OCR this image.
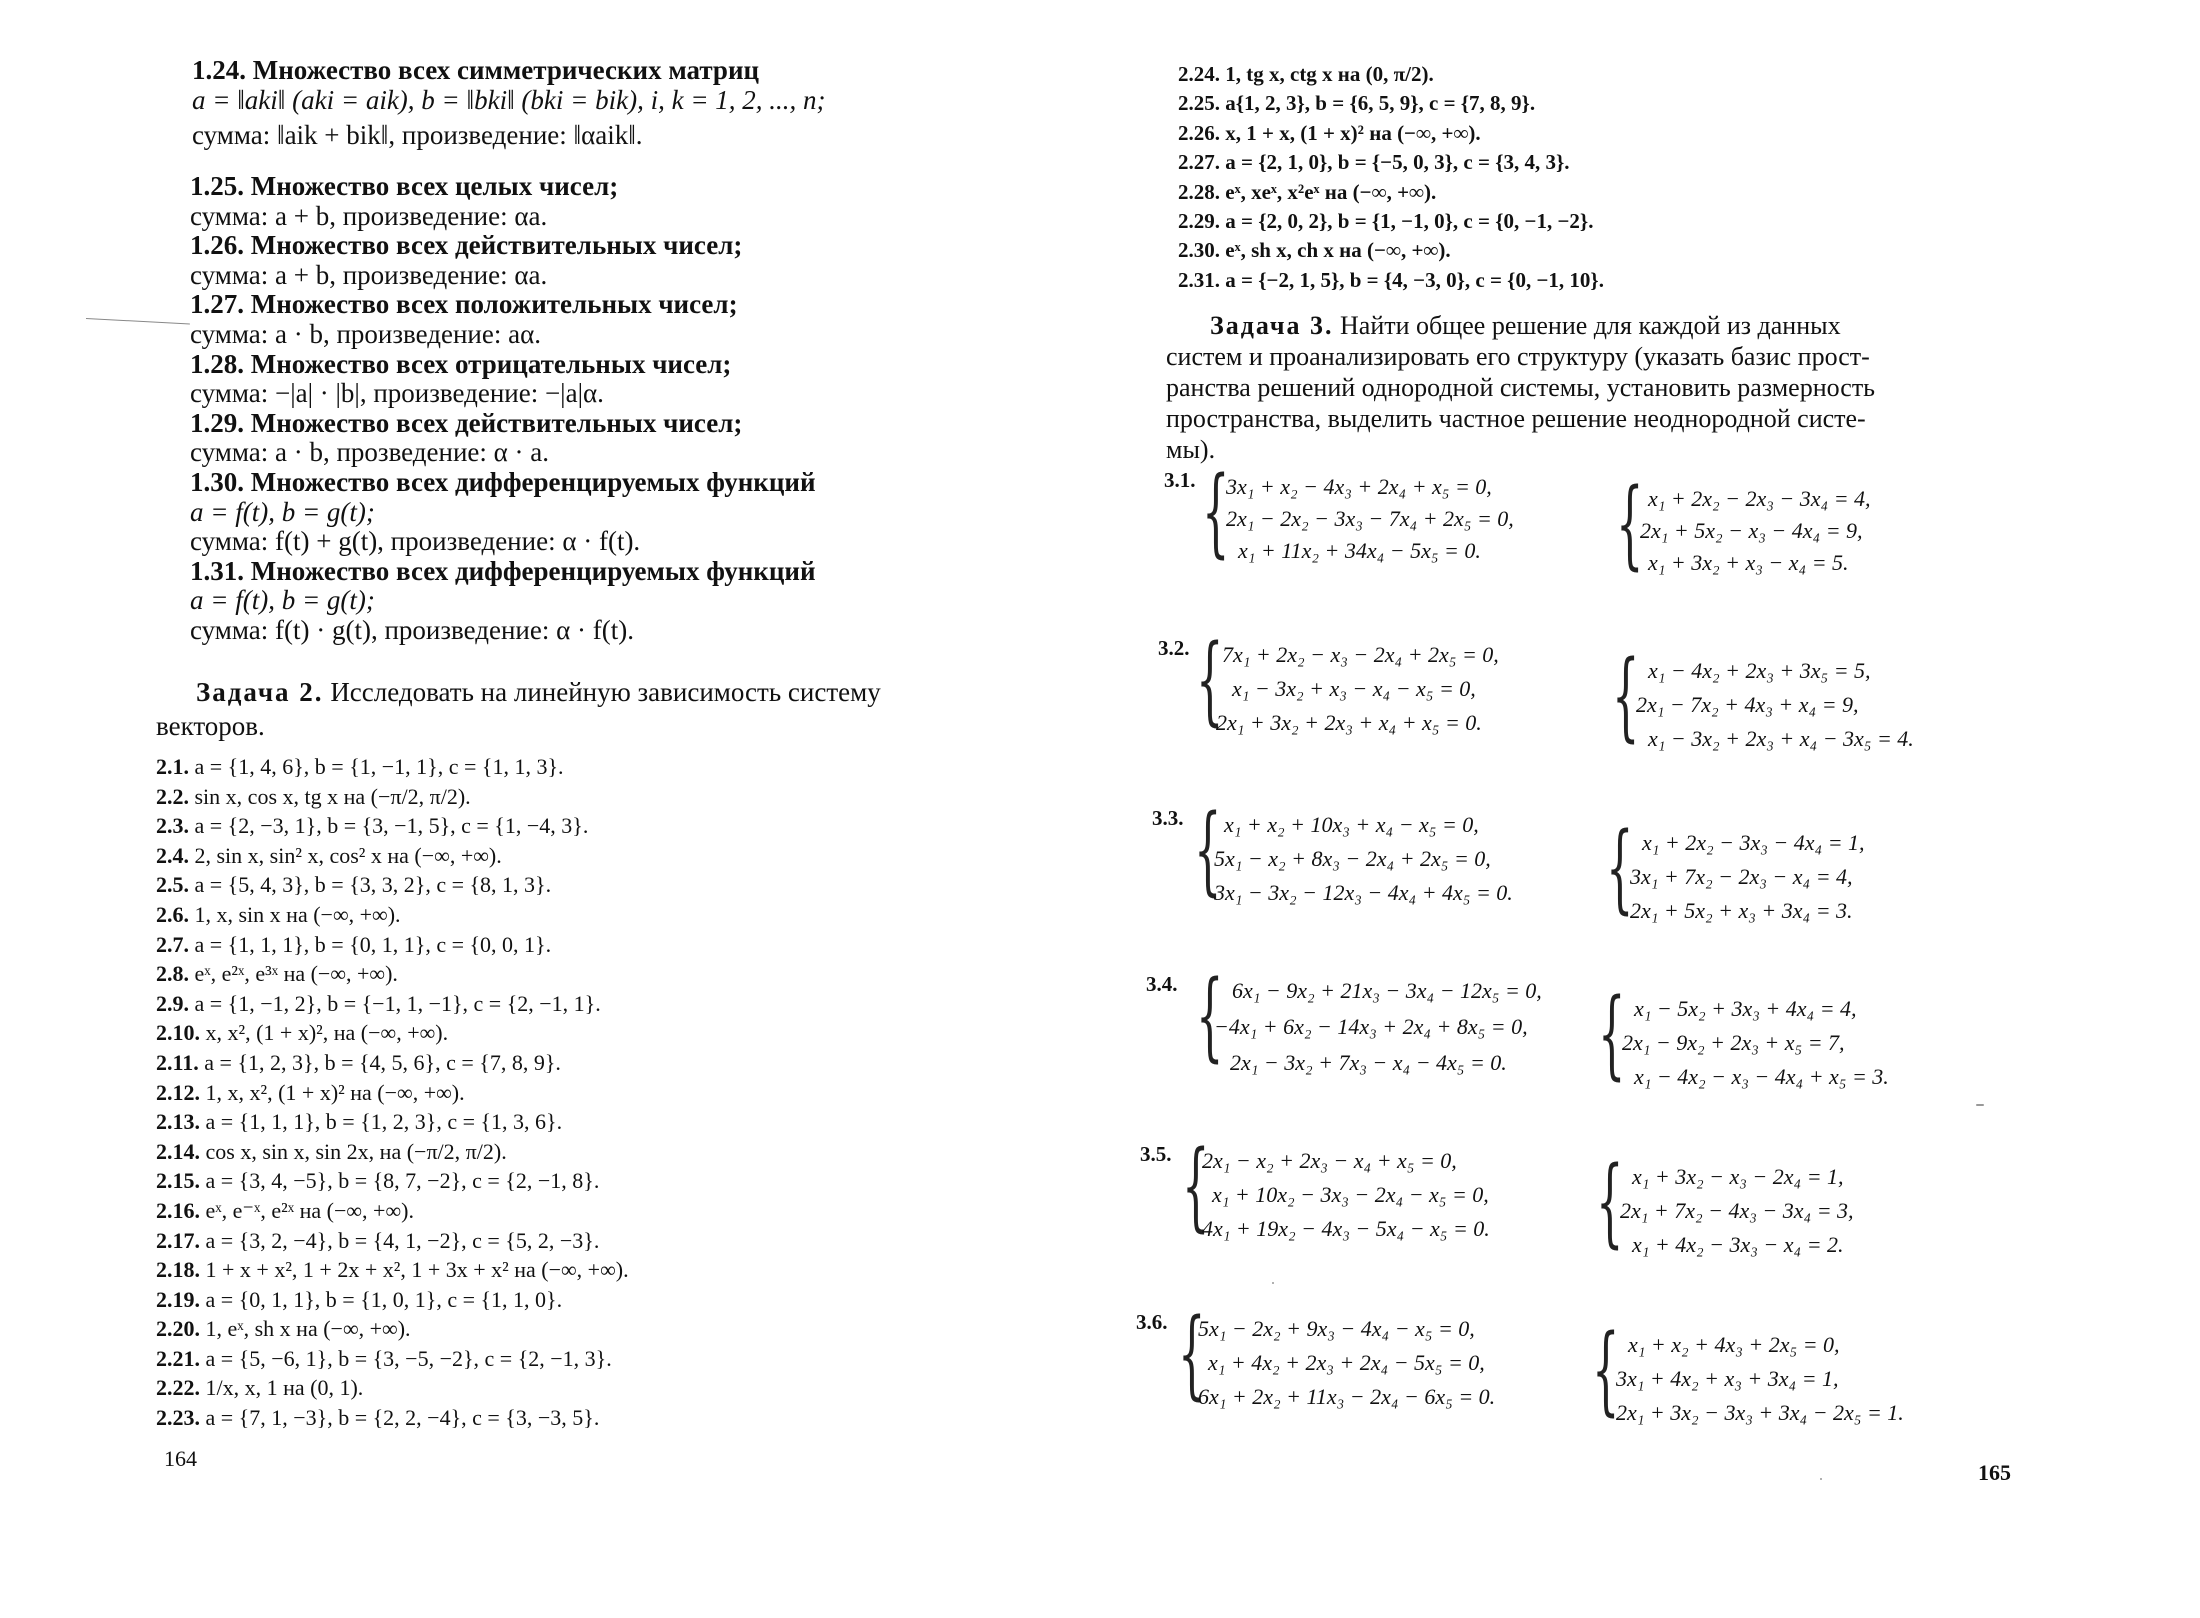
1.24. Множество всех симметрических матриц
a = ‖aki‖ (aki = aik), b = ‖bki‖ (bki = bik), i, k = 1, 2, ..., n;
сумма: ‖aik + bik‖, произведение: ‖αaik‖.
1.25. Множество всех целых чисел;
сумма: a + b, произведение: αa.
1.26. Множество всех действительных чисел;
сумма: a + b, произведение: αa.
1.27. Множество всех положительных чисел;
сумма: a · b, произведение: aα.
1.28. Множество всех отрицательных чисел;
сумма: −|a| · |b|, произведение: −|a|α.
1.29. Множество всех действительных чисел;
сумма: a · b, прозведение: α · a.
1.30. Множество всех дифференцируемых функций
a = f(t), b = g(t);
сумма: f(t) + g(t), произведение: α · f(t).
1.31. Множество всех дифференцируемых функций
a = f(t), b = g(t);
сумма: f(t) · g(t), произведение: α · f(t).
Задача 2. Исследовать на линейную зависимость систему
векторов.
2.1. a = {1, 4, 6}, b = {1, −1, 1}, c = {1, 1, 3}.
2.2. sin x, cos x, tg x на (−π/2, π/2).
2.3. a = {2, −3, 1}, b = {3, −1, 5}, c = {1, −4, 3}.
2.4. 2, sin x, sin² x, cos² x на (−∞, +∞).
2.5. a = {5, 4, 3}, b = {3, 3, 2}, c = {8, 1, 3}.
2.6. 1, x, sin x на (−∞, +∞).
2.7. a = {1, 1, 1}, b = {0, 1, 1}, c = {0, 0, 1}.
2.8. eˣ, e²ˣ, e³ˣ на (−∞, +∞).
2.9. a = {1, −1, 2}, b = {−1, 1, −1}, c = {2, −1, 1}.
2.10. x, x², (1 + x)², на (−∞, +∞).
2.11. a = {1, 2, 3}, b = {4, 5, 6}, c = {7, 8, 9}.
2.12. 1, x, x², (1 + x)² на (−∞, +∞).
2.13. a = {1, 1, 1}, b = {1, 2, 3}, c = {1, 3, 6}.
2.14. cos x, sin x, sin 2x, на (−π/2, π/2).
2.15. a = {3, 4, −5}, b = {8, 7, −2}, c = {2, −1, 8}.
2.16. eˣ, e⁻ˣ, e²ˣ на (−∞, +∞).
2.17. a = {3, 2, −4}, b = {4, 1, −2}, c = {5, 2, −3}.
2.18. 1 + x + x², 1 + 2x + x², 1 + 3x + x² на (−∞, +∞).
2.19. a = {0, 1, 1}, b = {1, 0, 1}, c = {1, 1, 0}.
2.20. 1, eˣ, sh x на (−∞, +∞).
2.21. a = {5, −6, 1}, b = {3, −5, −2}, c = {2, −1, 3}.
2.22. 1/x, x, 1 на (0, 1).
2.23. a = {7, 1, −3}, b = {2, 2, −4}, c = {3, −3, 5}.
164
2.24. 1, tg x, ctg x на (0, π/2).
2.25. a{1, 2, 3}, b = {6, 5, 9}, c = {7, 8, 9}.
2.26. x, 1 + x, (1 + x)² на (−∞, +∞).
2.27. a = {2, 1, 0}, b = {−5, 0, 3}, c = {3, 4, 3}.
2.28. eˣ, xeˣ, x²eˣ на (−∞, +∞).
2.29. a = {2, 0, 2}, b = {1, −1, 0}, c = {0, −1, −2}.
2.30. eˣ, sh x, ch x на (−∞, +∞).
2.31. a = {−2, 1, 5}, b = {4, −3, 0}, c = {0, −1, 10}.
Задача 3. Найти общее решение для каждой из данных
систем и проанализировать его структуру (указать базис прост-
ранства решений однородной системы, установить размерность
пространства, выделить частное решение неоднородной систе-
мы).
3.1. {
3x₁ + x₂ − 4x₃ + 2x₄ + x₅ = 0,
2x₁ − 2x₂ − 3x₃ − 7x₄ + 2x₅ = 0,
x₁ + 11x₂ + 34x₄ − 5x₅ = 0. { x₁ + 2x₂ − 2x₃ − 3x₄ = 4,
2x₁ + 5x₂ − x₃ − 4x₄ = 9,
x₁ + 3x₂ + x₃ − x₄ = 5.
3.2. {
7x₁ + 2x₂ − x₃ − 2x₄ + 2x₅ = 0,
x₁ − 3x₂ + x₃ − x₄ − x₅ = 0,
2x₁ + 3x₂ + 2x₃ + x₄ + x₅ = 0. { x₁ − 4x₂ + 2x₃ + 3x₅ = 5,
2x₁ − 7x₂ + 4x₃ + x₄ = 9,
x₁ − 3x₂ + 2x₃ + x₄ − 3x₅ = 4.
3.3. { x₁ + x₂ + 10x₃ + x₄ − x₅ = 0,
5x₁ − x₂ + 8x₃ − 2x₄ + 2x₅ = 0,
3x₁ − 3x₂ − 12x₃ − 4x₄ + 4x₅ = 0. { x₁ + 2x₂ − 3x₃ − 4x₄ = 1,
3x₁ + 7x₂ − 2x₃ − x₄ = 4,
2x₁ + 5x₂ + x₃ + 3x₄ = 3.
3.4. { 6x₁ − 9x₂ + 21x₃ − 3x₄ − 12x₅ = 0,
−4x₁ + 6x₂ − 14x₃ + 2x₄ + 8x₅ = 0,
2x₁ − 3x₂ + 7x₃ − x₄ − 4x₅ = 0. { x₁ − 5x₂ + 3x₃ + 4x₄ = 4,
2x₁ − 9x₂ + 2x₃ + x₅ = 7,
x₁ − 4x₂ − x₃ − 4x₄ + x₅ = 3.
3.5. {
2x₁ − x₂ + 2x₃ − x₄ + x₅ = 0,
x₁ + 10x₂ − 3x₃ − 2x₄ − x₅ = 0,
4x₁ + 19x₂ − 4x₃ − 5x₄ − x₅ = 0. { x₁ + 3x₂ − x₃ − 2x₄ = 1,
2x₁ + 7x₂ − 4x₃ − 3x₄ = 3,
x₁ + 4x₂ − 3x₃ − x₄ = 2.
3.6. {
5x₁ − 2x₂ + 9x₃ − 4x₄ − x₅ = 0,
x₁ + 4x₂ + 2x₃ + 2x₄ − 5x₅ = 0,
6x₁ + 2x₂ + 11x₃ − 2x₄ − 6x₅ = 0. { x₁ + x₂ + 4x₃ + 2x₅ = 0,
3x₁ + 4x₂ + x₃ + 3x₄ = 1,
2x₁ + 3x₂ − 3x₃ + 3x₄ − 2x₅ = 1.
165
